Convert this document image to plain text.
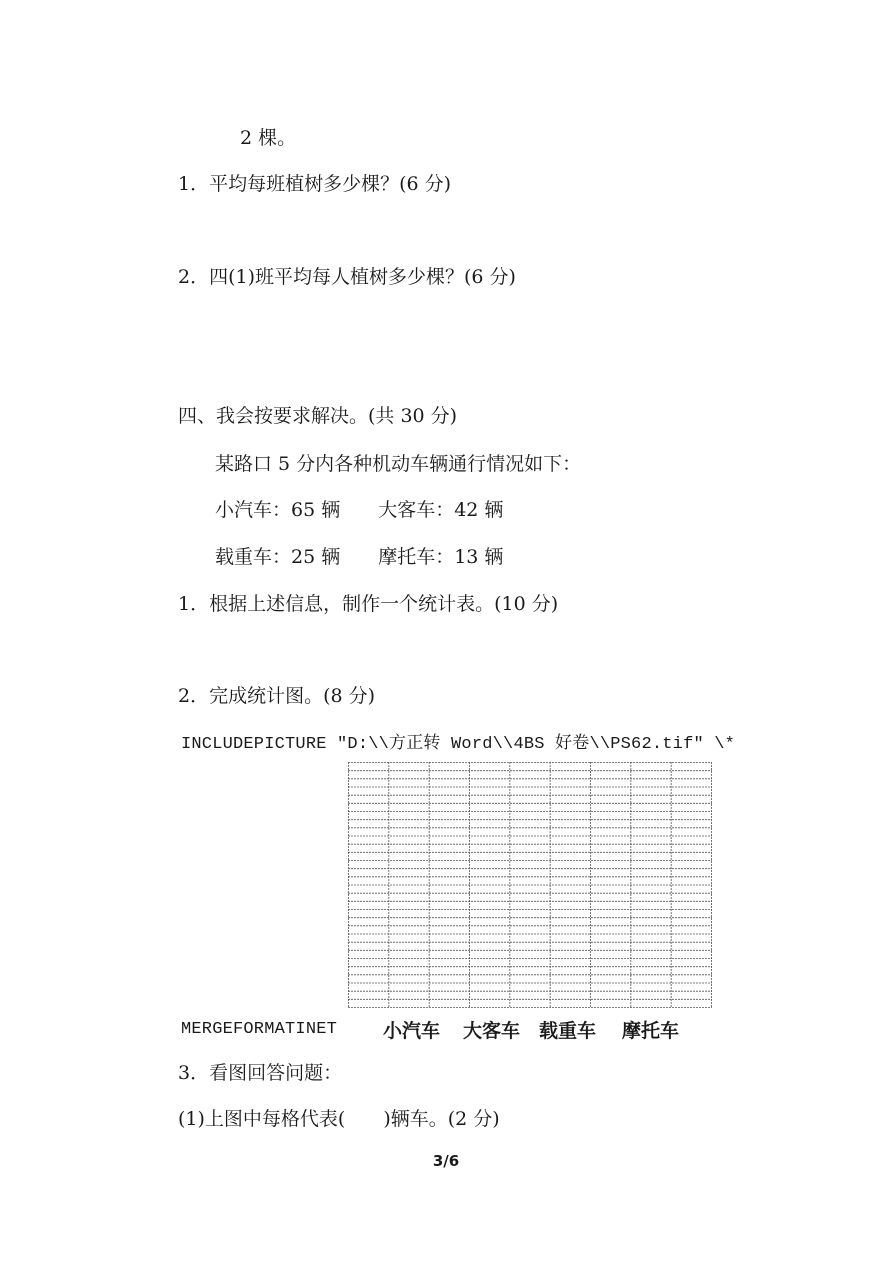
2 棵。
1．平均每班植树多少棵？(6 分)
2．四(1)班平均每人植树多少棵？(6 分)
四、我会按要求解决。(共 30 分)
某路口 5 分内各种机动车辆通行情况如下：
小汽车：65 辆　　大客车：42 辆
载重车：25 辆　　摩托车：13 辆
1．根据上述信息，制作一个统计表。(10 分)
2．完成统计图。(8 分)
INCLUDEPICTURE "D:\\方正转 Word\\4BS 好卷\\PS62.tif" \*
MERGEFORMATINET 小汽车 大客车 载重车 摩托车
3．看图回答问题：
(1)上图中每格代表(　　)辆车。(2 分)
3/6
